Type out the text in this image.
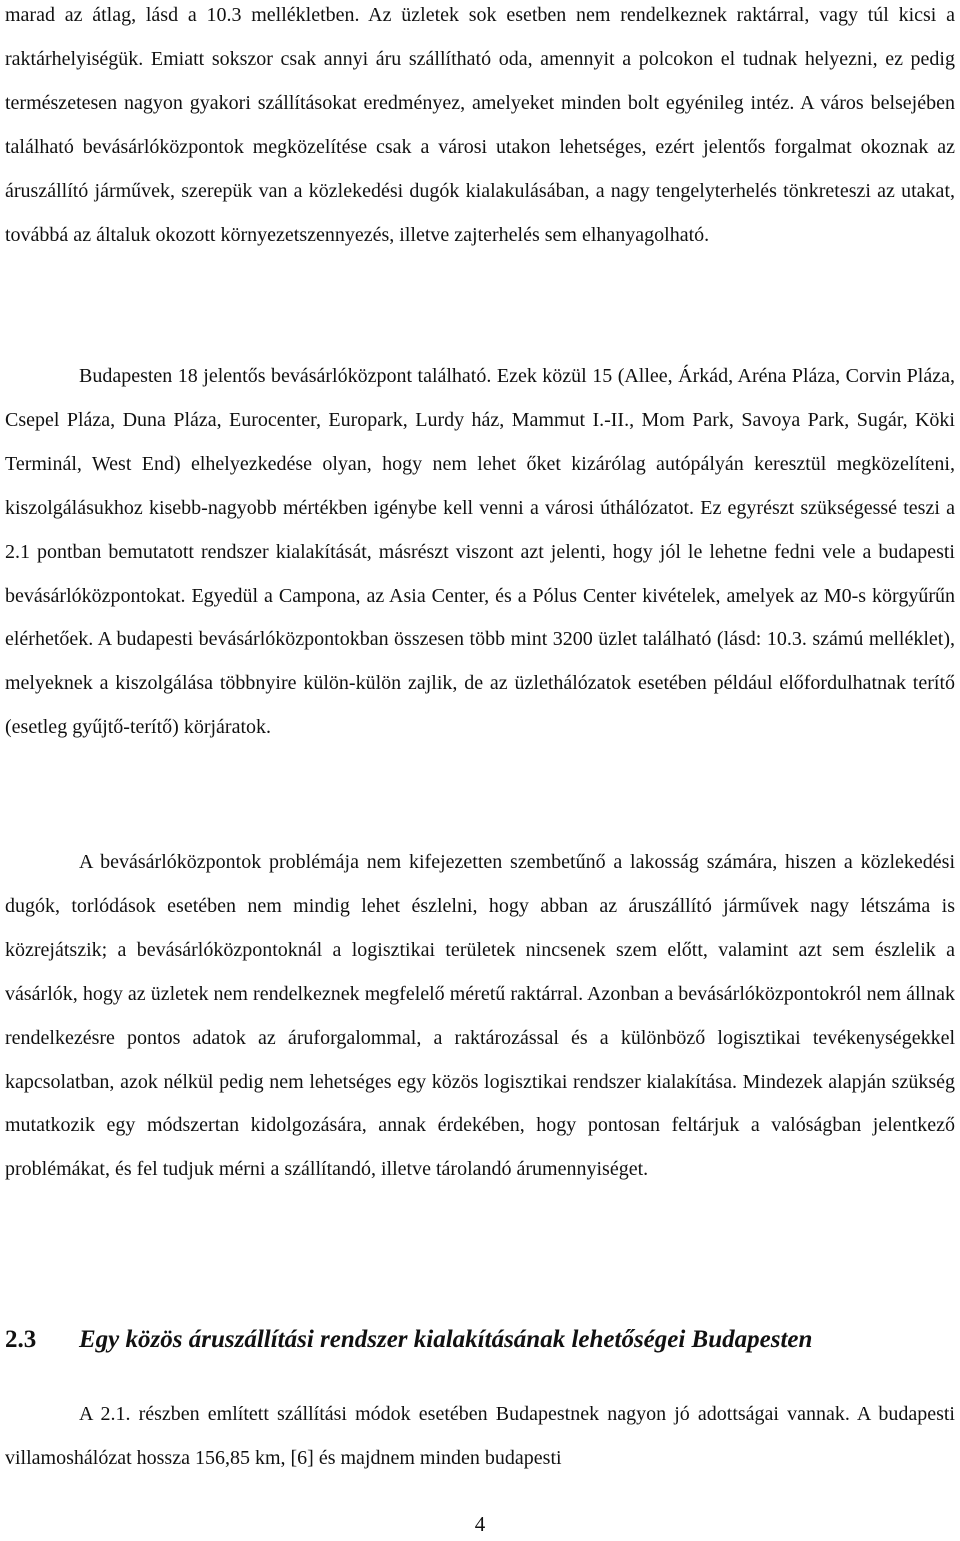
marad az átlag, lásd a 10.3 mellékletben. Az üzletek sok esetben nem rendelkeznek raktárral, vagy túl kicsi a raktárhelyiségük. Emiatt sokszor csak annyi áru szállítható oda, amennyit a polcokon el tudnak helyezni, ez pedig természetesen nagyon gyakori szállításokat eredményez, amelyeket minden bolt egyénileg intéz. A város belsejében található bevásárlóközpontok megközelítése csak a városi utakon lehetséges, ezért jelentős forgalmat okoznak az áruszállító járművek, szerepük van a közlekedési dugók kialakulásában, a nagy tengelyterhelés tönkreteszi az utakat, továbbá az általuk okozott környezetszennyezés, illetve zajterhelés sem elhanyagolható.

Budapesten 18 jelentős bevásárlóközpont található. Ezek közül 15 (Allee, Árkád, Aréna Pláza, Corvin Pláza, Csepel Pláza, Duna Pláza, Eurocenter, Europark, Lurdy ház, Mammut I.-II., Mom Park, Savoya Park, Sugár, Köki Terminál, West End) elhelyezkedése olyan, hogy nem lehet őket kizárólag autópályán keresztül megközelíteni, kiszolgálásukhoz kisebb-nagyobb mértékben igénybe kell venni a városi úthálózatot. Ez egyrészt szükségessé teszi a 2.1 pontban bemutatott rendszer kialakítását, másrészt viszont azt jelenti, hogy jól le lehetne fedni vele a budapesti bevásárlóközpontokat. Egyedül a Campona, az Asia Center, és a Pólus Center kivételek, amelyek az M0-s körgyűrűn elérhetőek. A budapesti bevásárlóközpontokban összesen több mint 3200 üzlet található (lásd: 10.3. számú melléklet), melyeknek a kiszolgálása többnyire külön-külön zajlik, de az üzlethálózatok esetében például előfordulhatnak terítő (esetleg gyűjtő-terítő) körjáratok.

A bevásárlóközpontok problémája nem kifejezetten szembetűnő a lakosság számára, hiszen a közlekedési dugók, torlódások esetében nem mindig lehet észlelni, hogy abban az áruszállító járművek nagy létszáma is közrejátszik; a bevásárlóközpontoknál a logisztikai területek nincsenek szem előtt, valamint azt sem észlelik a vásárlók, hogy az üzletek nem rendelkeznek megfelelő méretű raktárral. Azonban a bevásárlóközpontokról nem állnak rendelkezésre pontos adatok az áruforgalommal, a raktározással és a különböző logisztikai tevékenységekkel kapcsolatban, azok nélkül pedig nem lehetséges egy közös logisztikai rendszer kialakítása. Mindezek alapján szükség mutatkozik egy módszertan kidolgozására, annak érdekében, hogy pontosan feltárjuk a valóságban jelentkező problémákat, és fel tudjuk mérni a szállítandó, illetve tárolandó árumennyiséget.

2.3 Egy közös áruszállítási rendszer kialakításának lehetőségei Budapesten

A 2.1. részben említett szállítási módok esetében Budapestnek nagyon jó adottságai vannak. A budapesti villamoshálózat hossza 156,85 km, [6] és majdnem minden budapesti

4
